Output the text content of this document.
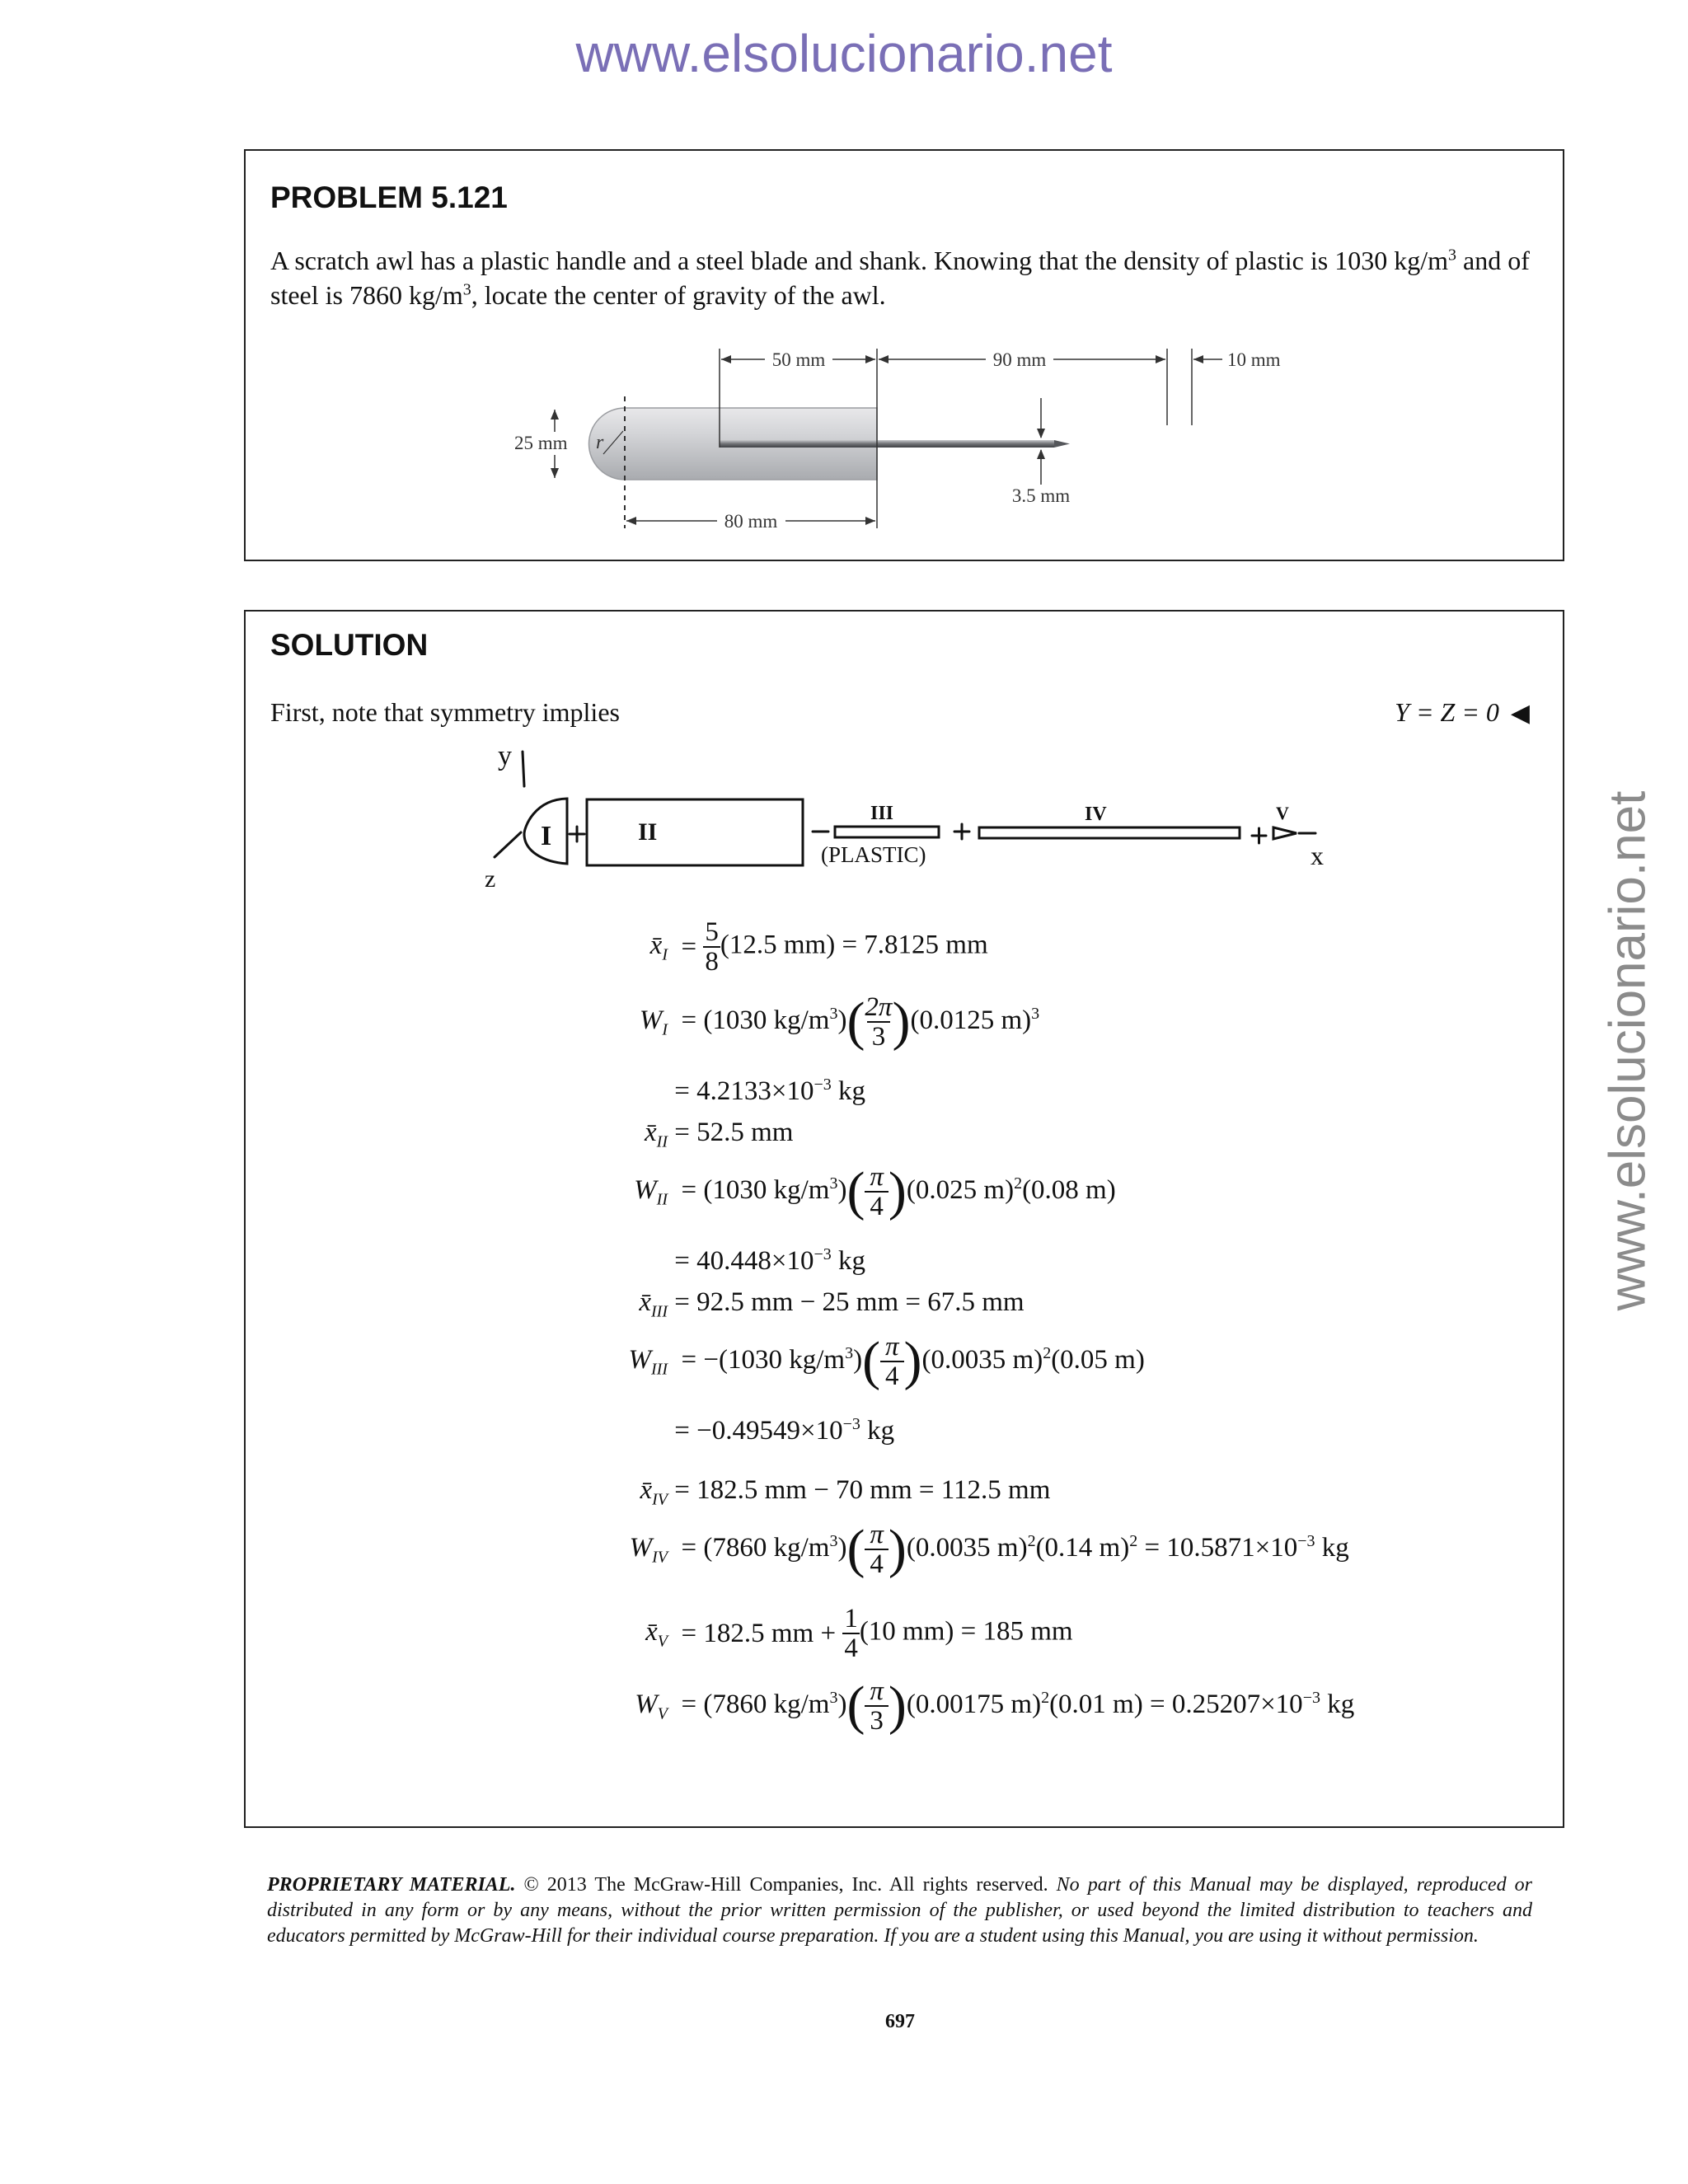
www.elsolucionario.net
www.elsolucionario.net
PROBLEM 5.121
A scratch awl has a plastic handle and a steel blade and shank. Knowing that the density of plastic is 1030 $kg/m^3$ and of steel is 7860 $kg/m^3$, locate the center of gravity of the awl.
50 mm	90 mm	10 mm
25 mm r
3.5 mm
80 mm
SOLUTION
First, note that symmetry implies	Y = Z = 0 ◀
y
z
x
I	II
III	IV	V
(PLASTIC)
$x̄_I = \frac{5}{8} (12.5$ mm) = 7.8125 mm
$W_I = (1030$ $kg/m^3)( \frac{2\pi}{3} )(0.0125$ m)$^3$
= $4.2133\times 10^{-3}$ kg
$x̄_{II} = 52.5$ mm
$W_{II} = (1030$ $kg/m^3)( \frac{\pi}{4} )(0.025$ m)$^2$(0.08 m)
= $40.448\times 10^{-3}$ kg
$x̄_{III} = 92.5$ mm − 25 mm = 67.5 mm
$W_{III} = -(1030$ $kg/m^3)( \frac{\pi}{4} )(0.0035$ m)$^2$(0.05 m)
= $-0.49549\times 10^{-3}$ kg
$x̄_{IV} = 182.5$ mm − 70 mm = 112.5 mm
$W_{IV} = (7860$ $kg/m^3)( \frac{\pi}{4} )(0.0035$ m)$^2$(0.14 $m)^2 = 10.5871\times 10^{-3}$ kg
$x̄_V = 182.5$ mm + $\frac{1}{4} (10$ mm) = 185 mm
$W_V = (7860$ $kg/m^3)( \frac{\pi}{3} )(0.00175$ m)$^2$(0.01 $m) = 0.25207\times 10^{-3}$ kg
PROPRIETARY MATERIAL. © 2013 The McGraw-Hill Companies, Inc. All rights reserved. No part of this Manual may be displayed, reproduced or distributed in any form or by any means, without the prior written permission of the publisher, or used beyond the limited distribution to teachers and educators permitted by McGraw-Hill for their individual course preparation. If you are a student using this Manual, you are using it without permission.
697
